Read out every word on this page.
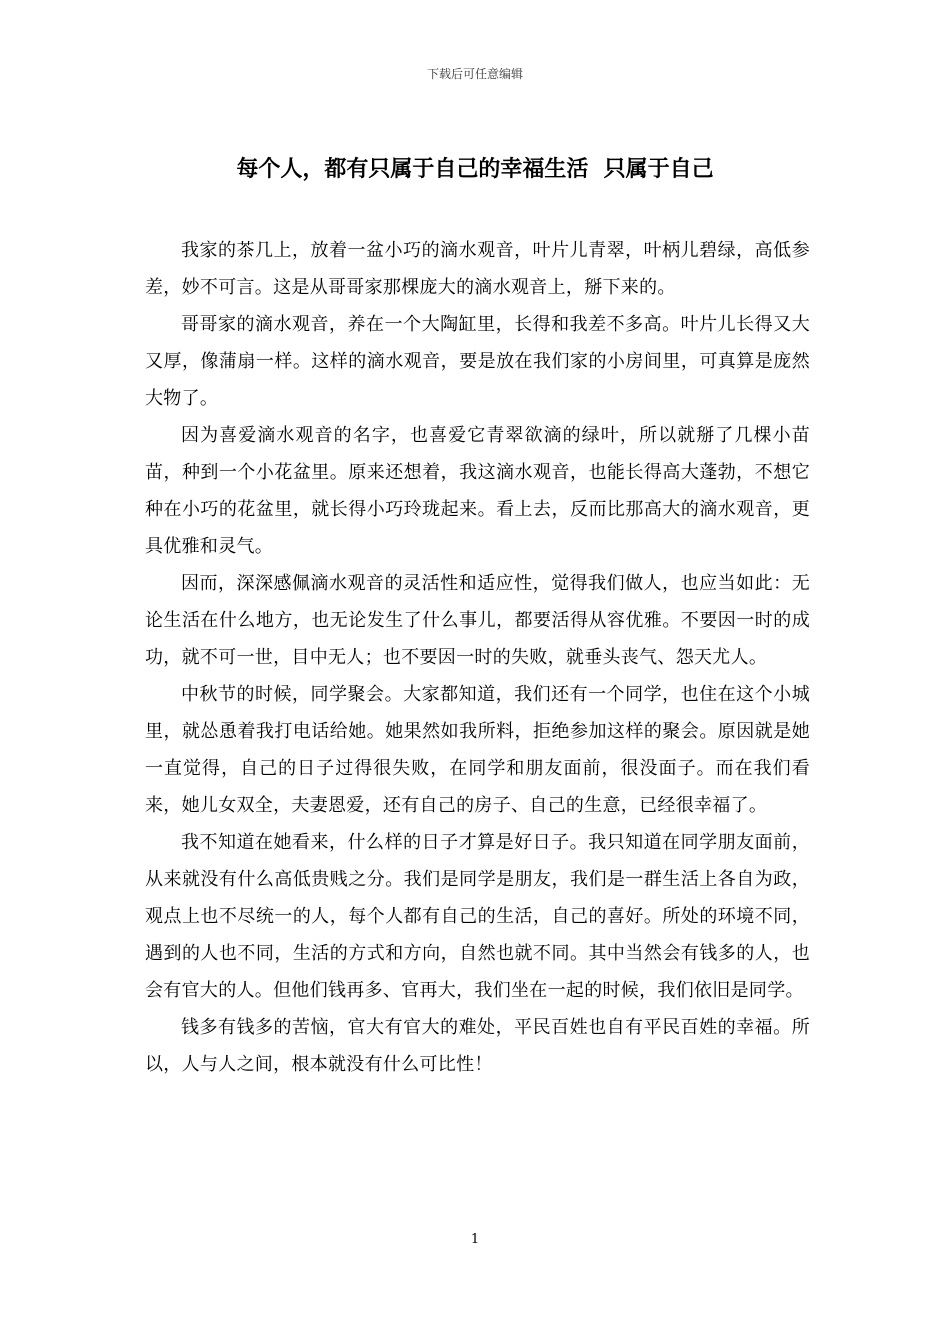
下载后可任意编辑
每个人，都有只属于自己的幸福生活  只属于自己

我家的茶几上，放着一盆小巧的滴水观音，叶片儿青翠，叶柄儿碧绿，高低参差，妙不可言。这是从哥哥家那棵庞大的滴水观音上，掰下来的。

哥哥家的滴水观音，养在一个大陶缸里，长得和我差不多高。叶片儿长得又大又厚，像蒲扇一样。这样的滴水观音，要是放在我们家的小房间里，可真算是庞然大物了。

因为喜爱滴水观音的名字，也喜爱它青翠欲滴的绿叶，所以就掰了几棵小苗苗，种到一个小花盆里。原来还想着，我这滴水观音，也能长得高大蓬勃，不想它种在小巧的花盆里，就长得小巧玲珑起来。看上去，反而比那高大的滴水观音，更具优雅和灵气。

因而，深深感佩滴水观音的灵活性和适应性，觉得我们做人，也应当如此：无论生活在什么地方，也无论发生了什么事儿，都要活得从容优雅。不要因一时的成功，就不可一世，目中无人；也不要因一时的失败，就垂头丧气、怨天尤人。

中秋节的时候，同学聚会。大家都知道，我们还有一个同学，也住在这个小城里，就怂恿着我打电话给她。她果然如我所料，拒绝参加这样的聚会。原因就是她一直觉得，自己的日子过得很失败，在同学和朋友面前，很没面子。而在我们看来，她儿女双全，夫妻恩爱，还有自己的房子、自己的生意，已经很幸福了。

我不知道在她看来，什么样的日子才算是好日子。我只知道在同学朋友面前，从来就没有什么高低贵贱之分。我们是同学是朋友，我们是一群生活上各自为政，观点上也不尽统一的人，每个人都有自己的生活，自己的喜好。所处的环境不同，遇到的人也不同，生活的方式和方向，自然也就不同。其中当然会有钱多的人，也会有官大的人。但他们钱再多、官再大，我们坐在一起的时候，我们依旧是同学。

钱多有钱多的苦恼，官大有官大的难处，平民百姓也自有平民百姓的幸福。所以，人与人之间，根本就没有什么可比性！

1
